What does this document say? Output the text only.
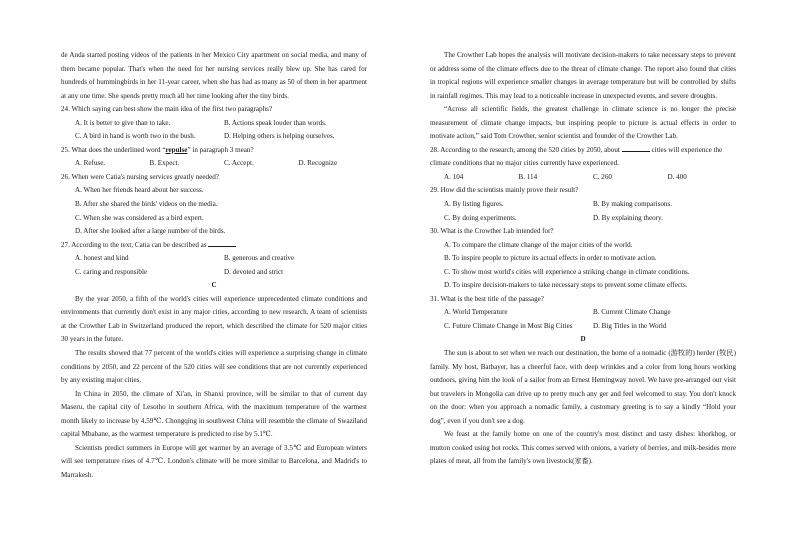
de Anda started posting videos of the patients in her Mexico City apartment on social media, and many of them became popular. That's when the need for her nursing services really blew up. She has cared for hundreds of hummingbirds in her 11-year career, when she has had as many as 50 of them in her apartment at any one time. She spends pretty much all her time looking after the tiny birds.

24. Which saying can best show the main idea of the first two paragraphs?

A. It is better to give than to take.	B. Actions speak louder than words.
C. A bird in hand is worth two in the bush.	D. Helping others is helping ourselves.

25. What does the underlined word “repulse” in paragraph 3 mean?

A. Refuse.	B. Expect.	C. Accept.	D. Recognize

26. When were Catia's nursing services greatly needed?

A. When her friends heard about her success.
B. After she shared the birds' videos on the media.
C. When she was considered as a bird expert.
D. After she looked after a large number of the birds.

27. According to the text, Catia can be described as

A. honest and kind	B. generous and creative
C. caring and responsible	D. devoted and strict

C

By the year 2050, a fifth of the world's cities will experience unprecedented climate conditions and environments that currently don't exist in any major cities, according to new research. A team of scientists at the Crowther Lab in Switzerland produced the report, which described the climate for 520 major cities 30 years in the future.

The results showed that 77 percent of the world's cities will experience a surprising change in climate conditions by 2050, and 22 percent of the 520 cities will see conditions that are not currently experienced by any existing major cities.

In China in 2050, the climate of Xi'an, in Shanxi province, will be similar to that of current day Maseru, the capital city of Lesotho in southern Africa, with the maximum temperature of the warmest month likely to increase by 4.59℃. Chongqing in southwest China will resemble the climate of Swaziland capital Mbabane, as the warmest temperature is predicted to rise by 5.1℃.

Scientists predict summers in Europe will get warmer by an average of 3.5℃ and European winters will see temperature rises of 4.7℃. London's climate will be more similar to Barcelona, and Madrid's to Marrakesh.

The Crowther Lab hopes the analysis will motivate decision-makers to take necessary steps to prevent or address some of the climate effects due to the threat of climate change. The report also found that cities in tropical regions will experience smaller changes in average temperature but will be controlled by shifts in rainfall regimes. This may lead to a noticeable increase in unexpected events, and severe droughts.

“Across all scientific fields, the greatest challenge in climate science is no longer the precise measurement of climate change impacts, but inspiring people to picture is actual effects in order to motivate action,” said Tom Crowther, senior scientist and founder of the Crowther Lab.

28. According to the research, among the 520 cities by 2050, about	cities will experience the climate conditions that no major cities currently have experienced.

A. 104	B. 114	C. 260	D. 400

29. How did the scientists mainly prove their result?

A. By listing figures.	B. By making comparisons.
C. By doing experiments.	D. By explaining theory.

30. What is the Crowther Lab intended for?

A. To compare the climate change of the major cities of the world.
B. To inspire people to picture its actual effects in order to motivate action.
C. To show most world's cities will experience a striking change in climate conditions.
D. To inspire decision-makers to take necessary steps to prevent some climate effects.

31. What is the best title of the passage?

A. World Temperature	B. Current Climate Change
C. Future Climate Change in Most Big Cities	D. Big Titles in the World

D

The sun is about to set when we reach our destination, the home of a nomadic (游牧的) herder (牧民) family. My host, Batbayer, has a cheerful face, with deep wrinkles and a color from long hours working outdoors, giving him the look of a sailor from an Ernest Hemingway novel. We have pre-arranged our visit but travelers in Mongolia can drive up to pretty much any ger and feel welcomed to stay. You don't knock on the door: when you approach a nomadic family, a customary greeting is to say a kindly “Hold your dog”, even if you don't see a dog.

We feast at the family home on one of the country's most distinct and tasty dishes: khorkhog, or mutton cooked using hot rocks. This comes served with onions, a variety of berries, and milk-besides more plates of meat, all from the family's own livestock(家畜).
